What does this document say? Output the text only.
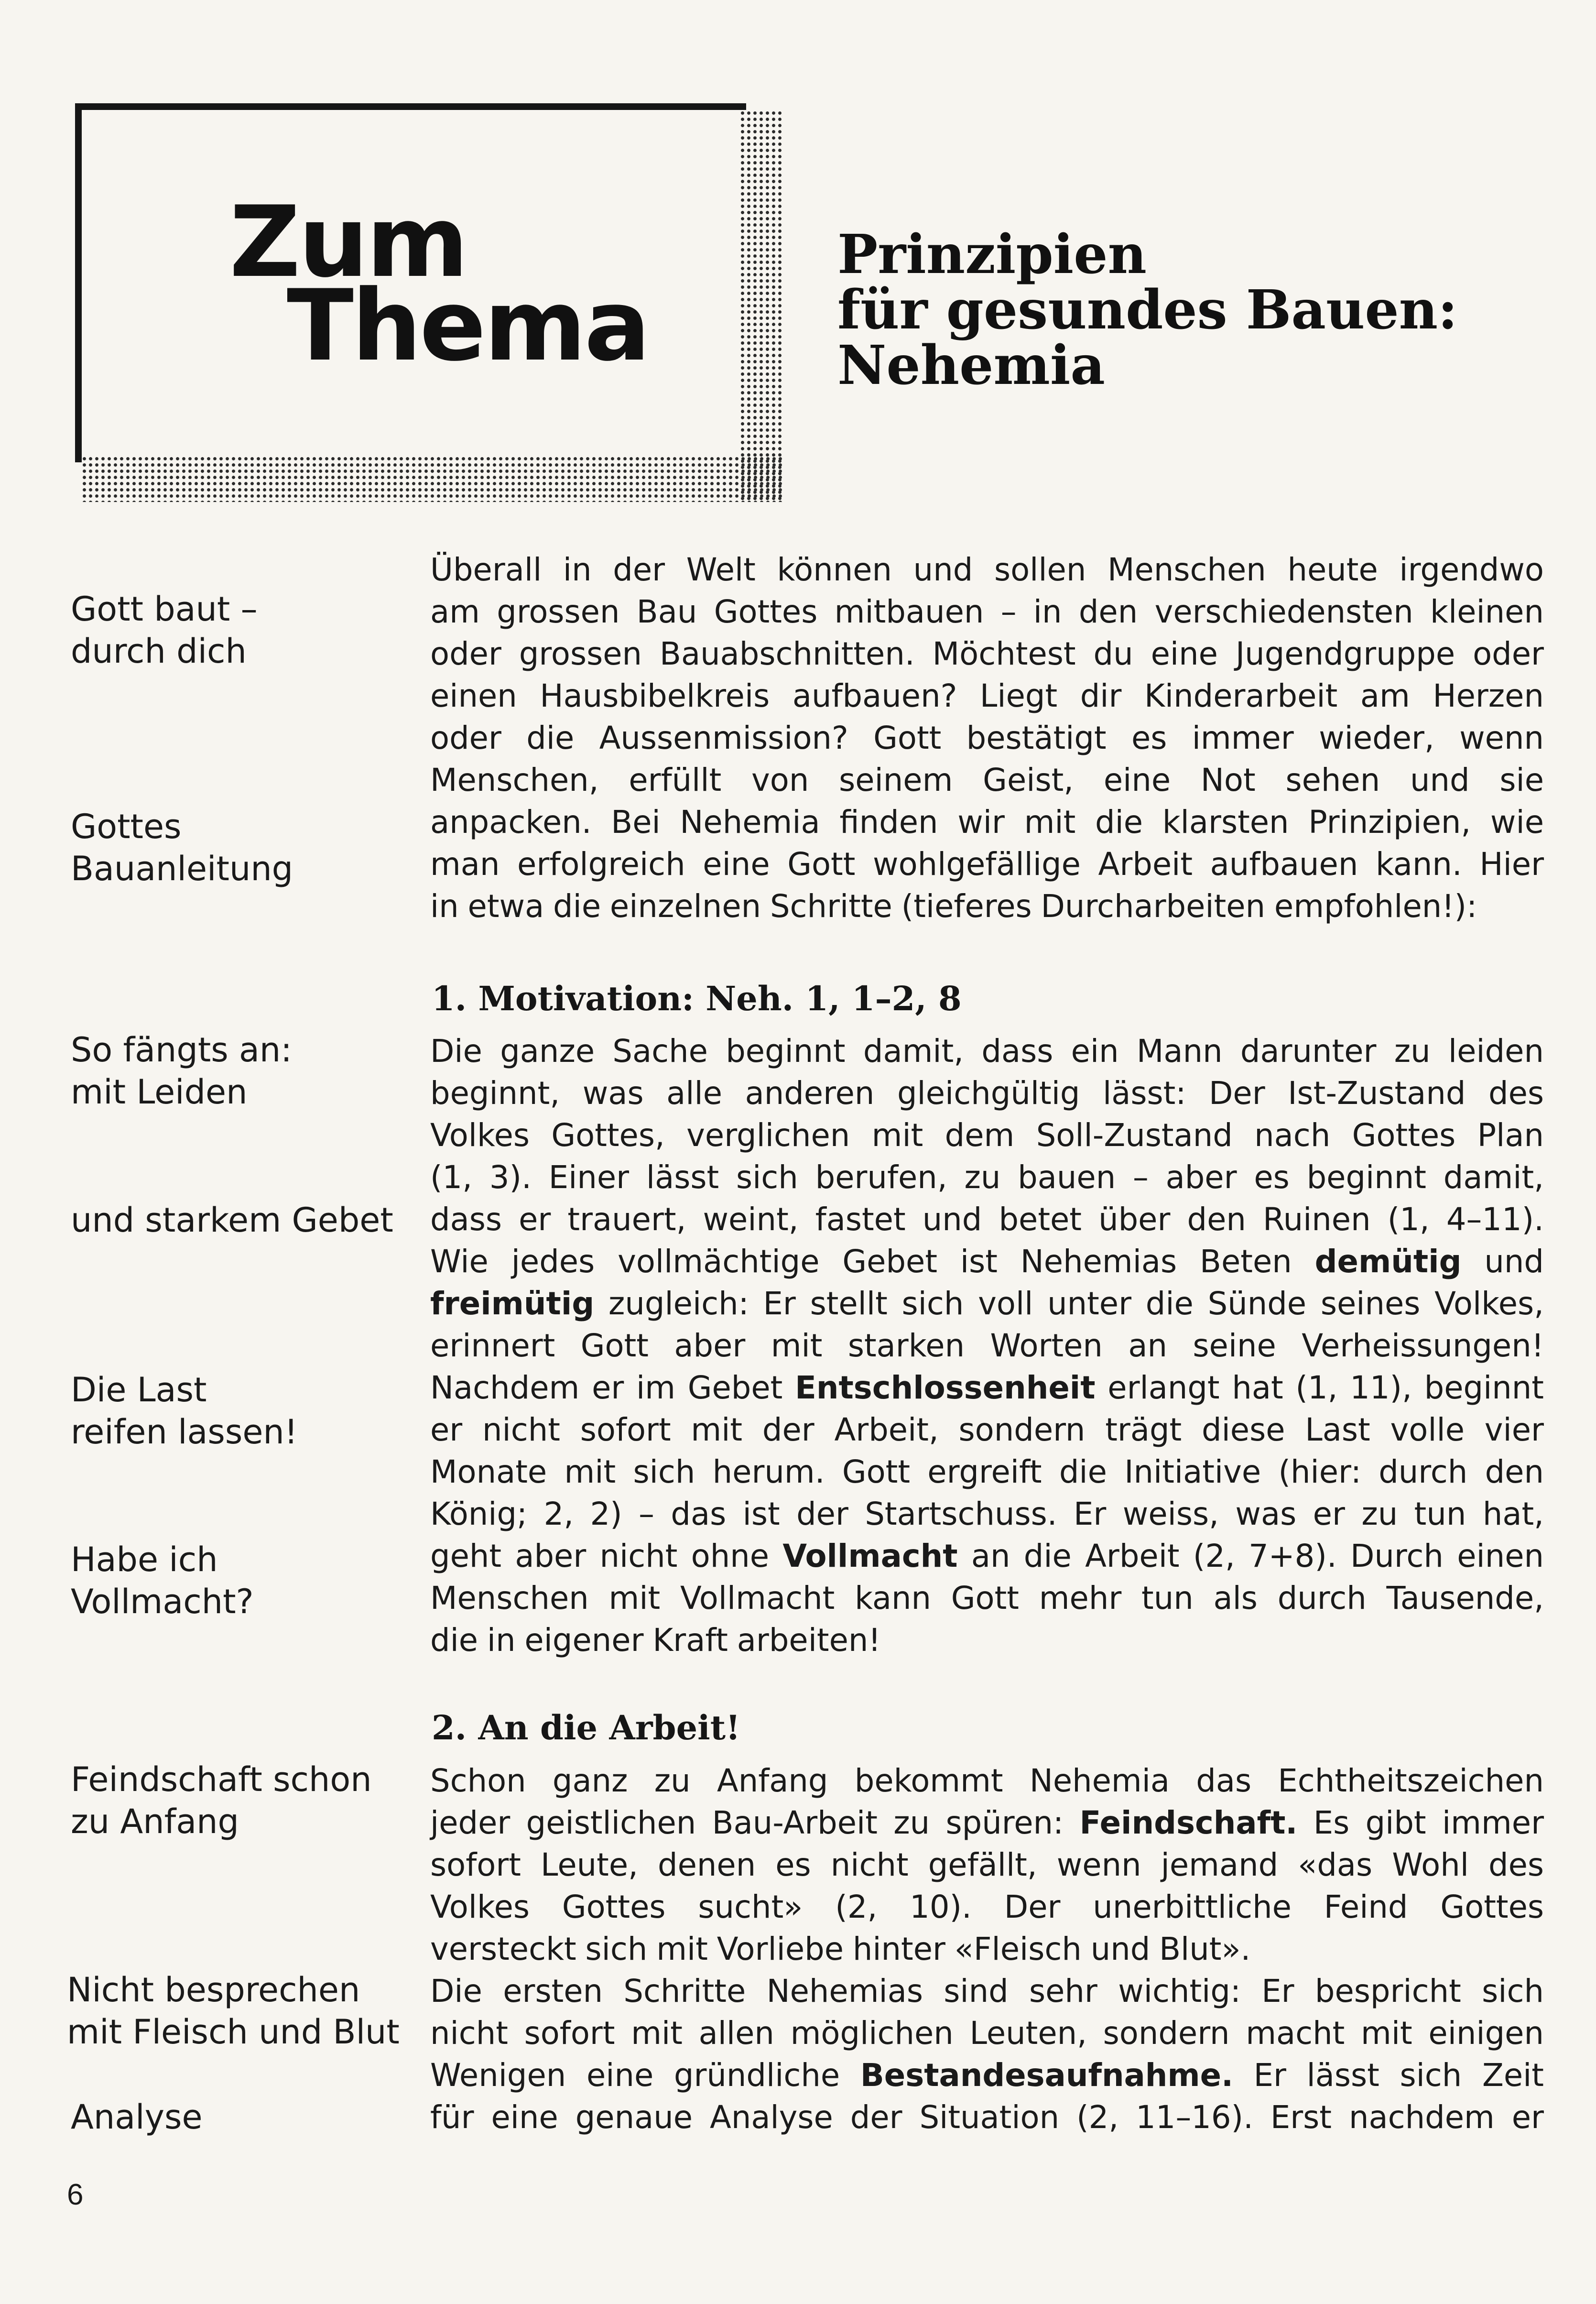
Zum
Thema
Prinzipien
für gesundes Bauen:
Nehemia

Gott baut –
durch dich

Gottes
Bauanleitung

So fängts an:
mit Leiden

und starkem Gebet

Die Last
reifen lassen!

Habe ich
Vollmacht?

Feindschaft schon
zu Anfang

Nicht besprechen
mit Fleisch und Blut

Analyse

Überall in der Welt können und sollen Menschen heute irgendwo
am grossen Bau Gottes mitbauen – in den verschiedensten kleinen
oder grossen Bauabschnitten. Möchtest du eine Jugendgruppe oder
einen Hausbibelkreis aufbauen? Liegt dir Kinderarbeit am Herzen
oder die Aussenmission? Gott bestätigt es immer wieder, wenn
Menschen, erfüllt von seinem Geist, eine Not sehen und sie
anpacken. Bei Nehemia finden wir mit die klarsten Prinzipien, wie
man erfolgreich eine Gott wohlgefällige Arbeit aufbauen kann. Hier
in etwa die einzelnen Schritte (tieferes Durcharbeiten empfohlen!):

1. Motivation: Neh. 1, 1–2, 8

Die ganze Sache beginnt damit, dass ein Mann darunter zu leiden
beginnt, was alle anderen gleichgültig lässt: Der Ist-Zustand des
Volkes Gottes, verglichen mit dem Soll-Zustand nach Gottes Plan
(1, 3). Einer lässt sich berufen, zu bauen – aber es beginnt damit,
dass er trauert, weint, fastet und betet über den Ruinen (1, 4–11).
Wie jedes vollmächtige Gebet ist Nehemias Beten demütig und
freimütig zugleich: Er stellt sich voll unter die Sünde seines Volkes,
erinnert Gott aber mit starken Worten an seine Verheissungen!
Nachdem er im Gebet Entschlossenheit erlangt hat (1, 11), beginnt
er nicht sofort mit der Arbeit, sondern trägt diese Last volle vier
Monate mit sich herum. Gott ergreift die Initiative (hier: durch den
König; 2, 2) – das ist der Startschuss. Er weiss, was er zu tun hat,
geht aber nicht ohne Vollmacht an die Arbeit (2, 7+8). Durch einen
Menschen mit Vollmacht kann Gott mehr tun als durch Tausende,
die in eigener Kraft arbeiten!

2. An die Arbeit!

Schon ganz zu Anfang bekommt Nehemia das Echtheitszeichen
jeder geistlichen Bau-Arbeit zu spüren: Feindschaft. Es gibt immer
sofort Leute, denen es nicht gefällt, wenn jemand «das Wohl des
Volkes Gottes sucht» (2, 10). Der unerbittliche Feind Gottes
versteckt sich mit Vorliebe hinter «Fleisch und Blut».
Die ersten Schritte Nehemias sind sehr wichtig: Er bespricht sich
nicht sofort mit allen möglichen Leuten, sondern macht mit einigen
Wenigen eine gründliche Bestandesaufnahme. Er lässt sich Zeit
für eine genaue Analyse der Situation (2, 11–16). Erst nachdem er

6
